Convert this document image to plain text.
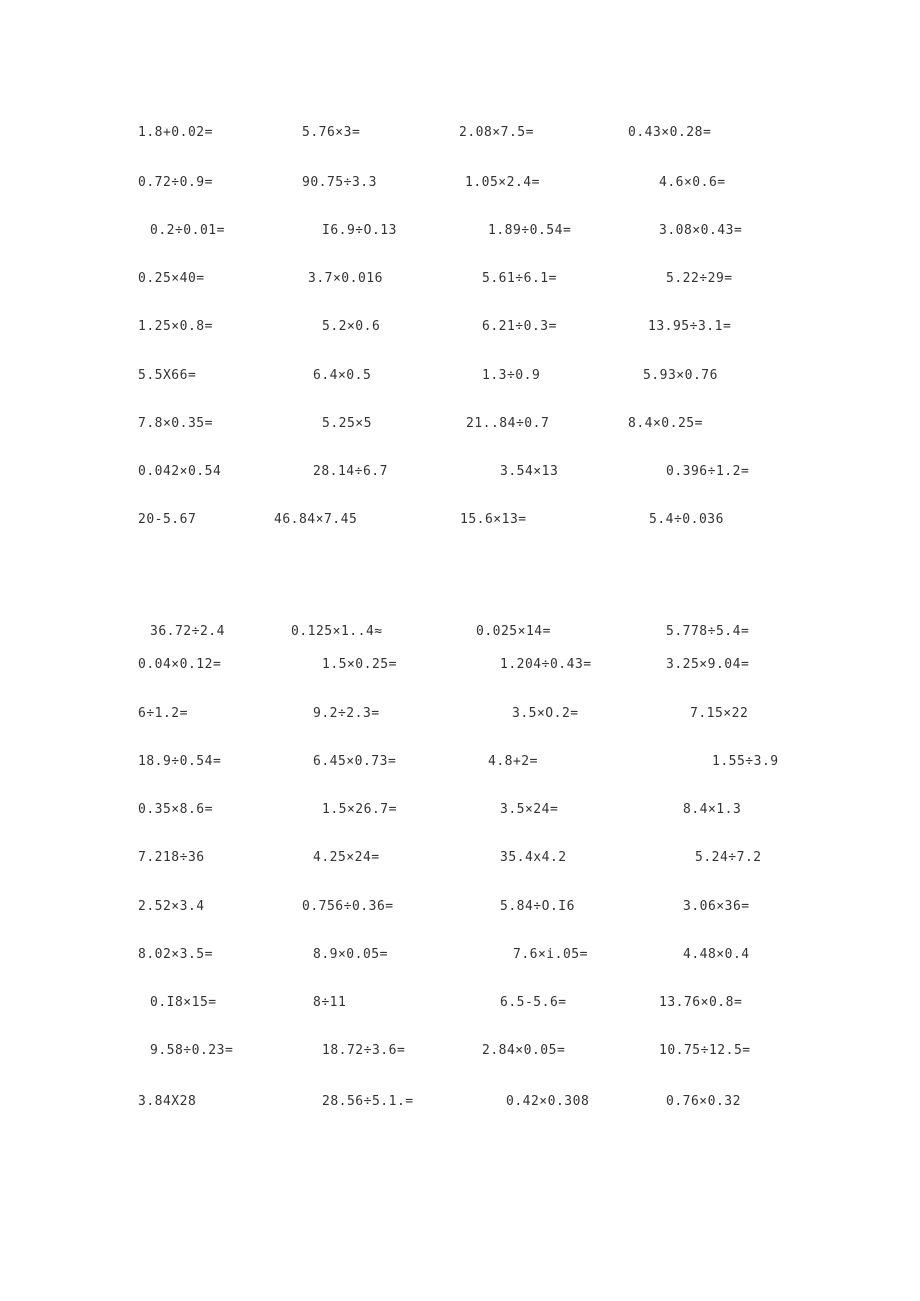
1.8+0.02=	5.76×3=	2.08×7.5=	0.43×0.28=
0.72÷0.9=	90.75÷3.3	1.05×2.4=	4.6×0.6=
0.2÷0.01=	I6.9÷O.13	1.89÷0.54=	3.08×0.43=
0.25×40=	3.7×0.016	5.61÷6.1=	5.22÷29=
1.25×0.8=	5.2×0.6	6.21÷0.3=	13.95÷3.1=
5.5X66=	6.4×0.5	1.3÷0.9	5.93×0.76
7.8×0.35=	5.25×5	21..84÷0.7	8.4×0.25=
0.042×0.54	28.14÷6.7	3.54×13	0.396÷1.2=
20-5.67	46.84×7.45	15.6×13=	5.4÷0.036
36.72÷2.4	0.125×1..4≈	0.025×14=	5.778÷5.4=
0.04×0.12=	1.5×0.25=	1.204÷0.43=	3.25×9.04=
6÷1.2=	9.2÷2.3=	3.5×O.2=	7.15×22
18.9÷0.54=	6.45×0.73=	4.8+2=	1.55÷3.9
0.35×8.6=	1.5×26.7=	3.5×24=	8.4×1.3
7.218÷36	4.25×24=	35.4x4.2	5.24÷7.2
2.52×3.4	0.756÷0.36=	5.84÷O.I6	3.06×36=
8.02×3.5=	8.9×0.05=	7.6×i.05=	4.48×0.4
0.I8×15=	8÷11	6.5-5.6=	13.76×0.8=
9.58÷0.23=	18.72÷3.6=	2.84×0.05=	10.75÷12.5=
3.84X28	28.56÷5.1.=	0.42×0.308	0.76×0.32
